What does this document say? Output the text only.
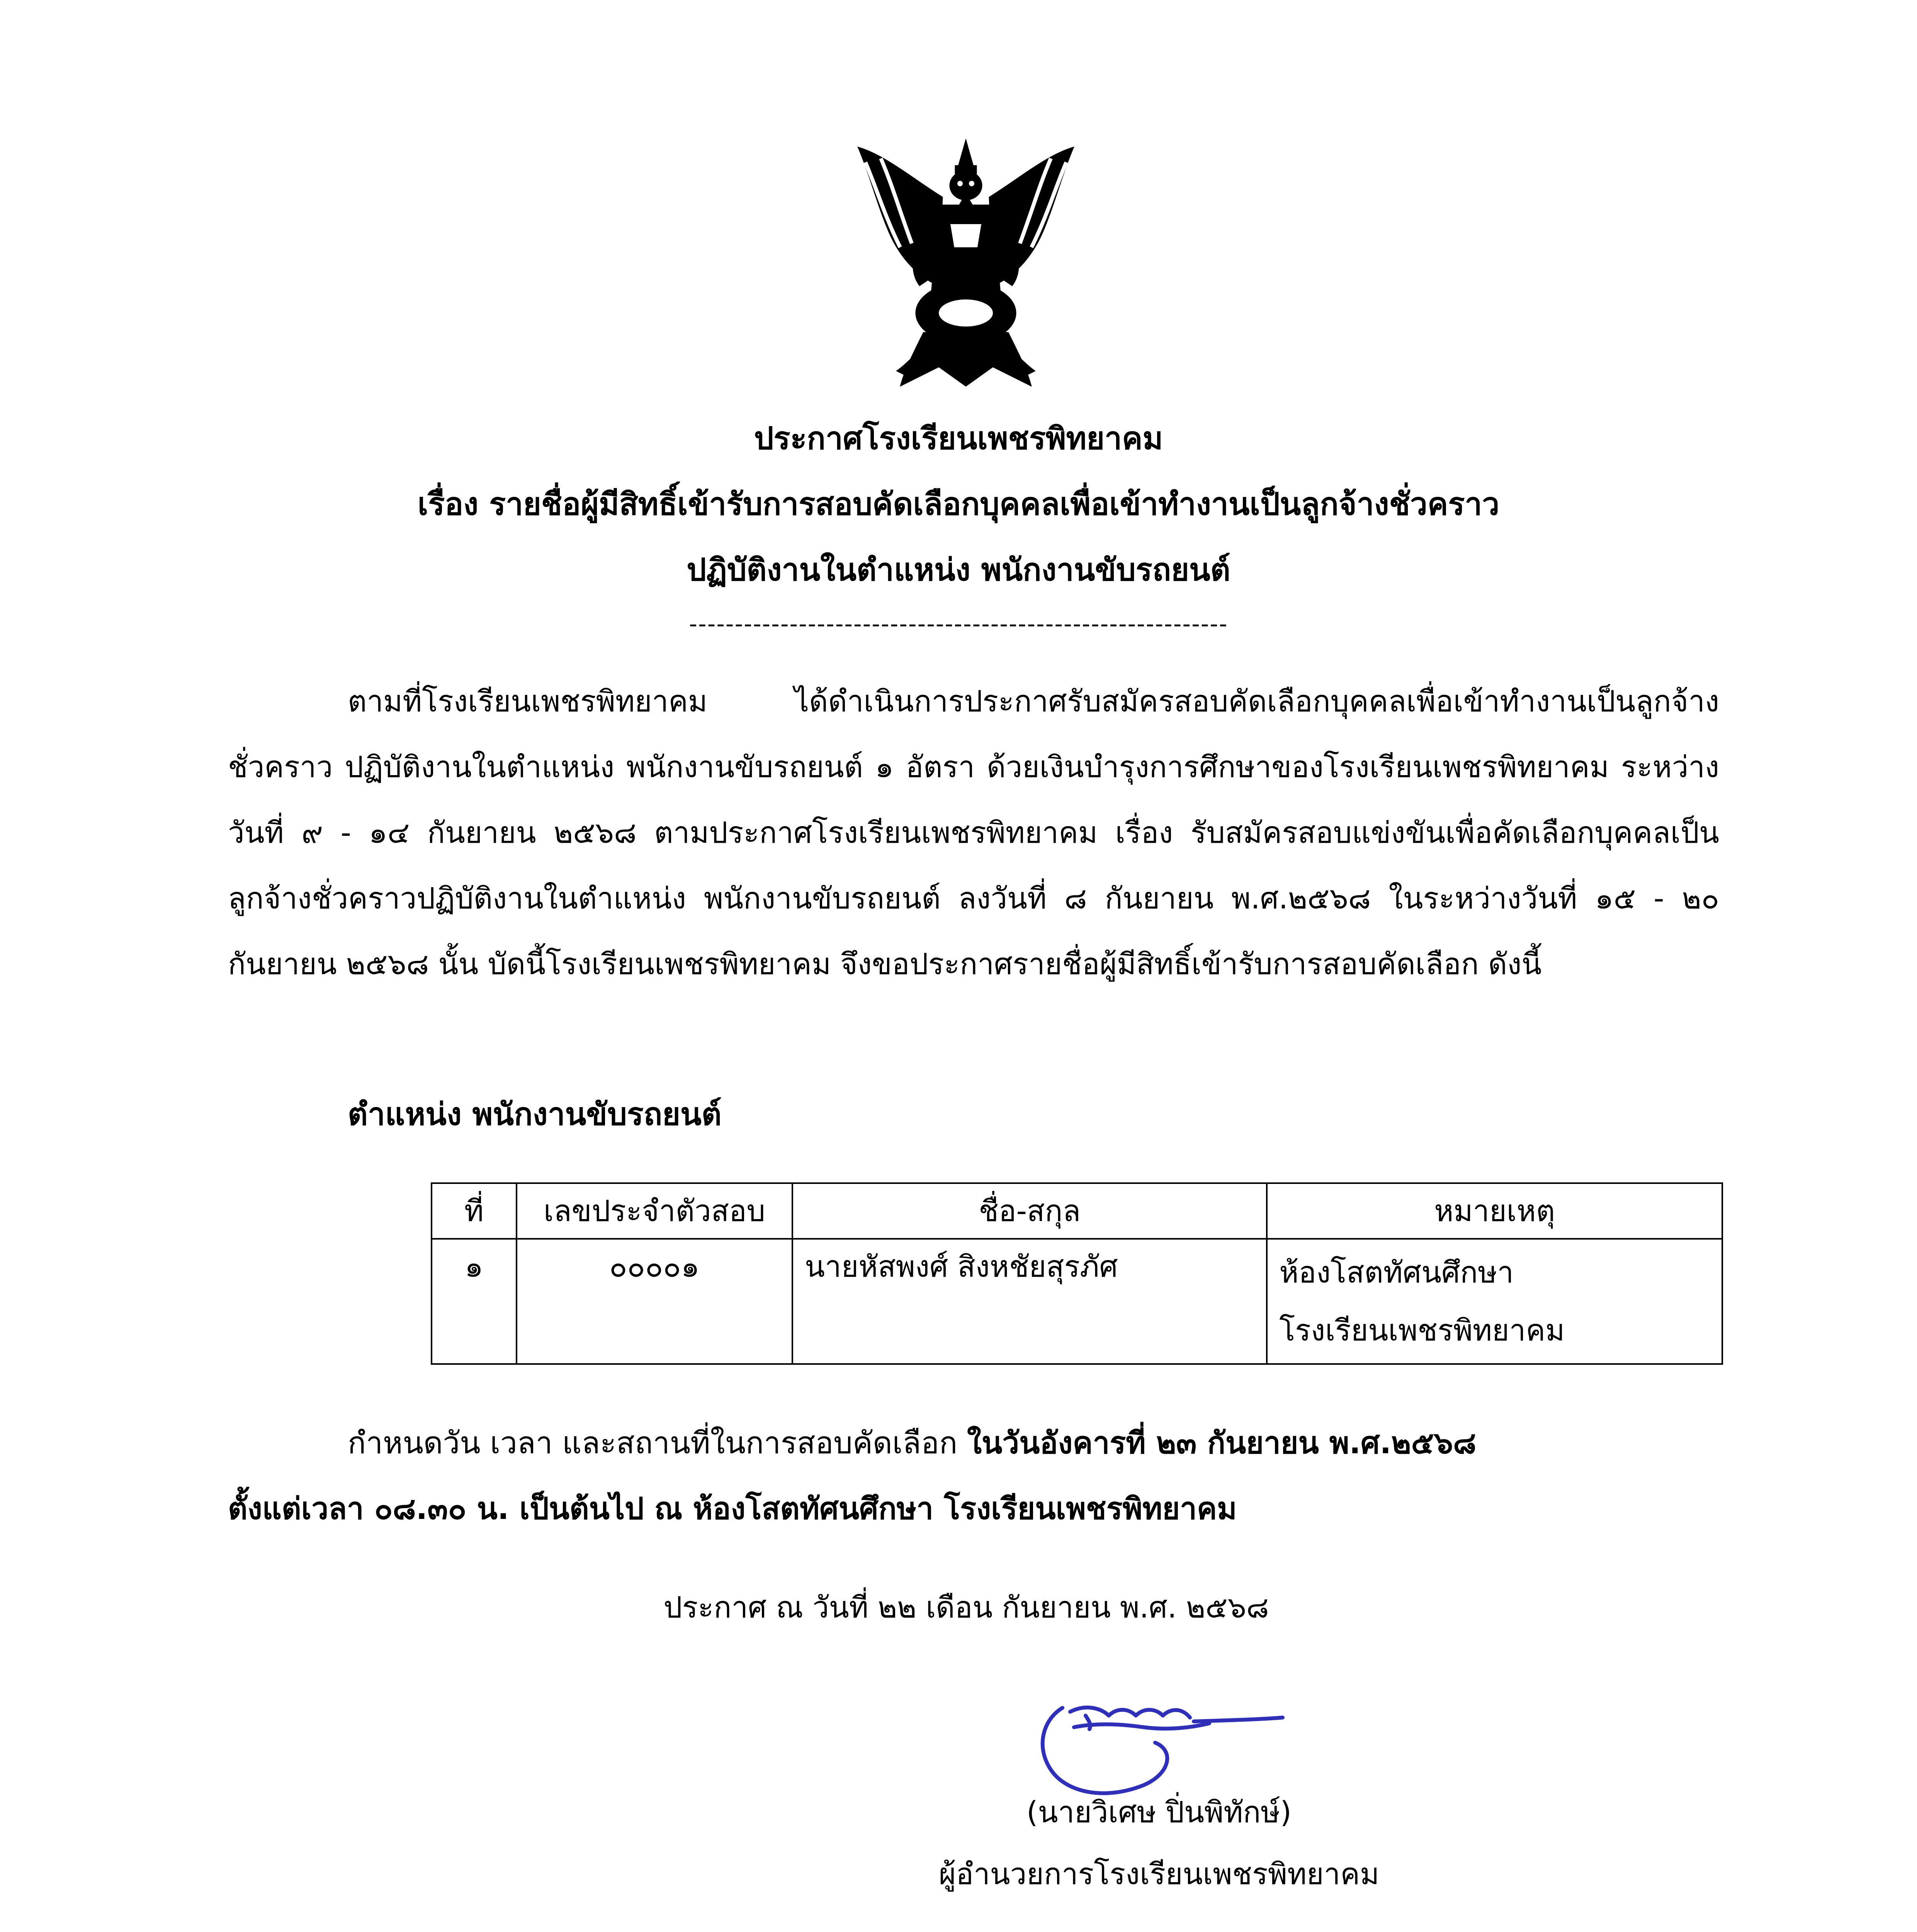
ประกาศโรงเรียนเพชรพิทยาคม
เรื่อง รายชื่อผู้มีสิทธิ์เข้ารับการสอบคัดเลือกบุคคลเพื่อเข้าทำงานเป็นลูกจ้างชั่วคราว
ปฏิบัติงานในตำแหน่ง พนักงานขับรถยนต์
-----------------------------------------------------------

ตามที่โรงเรียนเพชรพิทยาคม ได้ดำเนินการประกาศรับสมัครสอบคัดเลือกบุคคลเพื่อเข้าทำงานเป็นลูกจ้างชั่วคราว ปฏิบัติงานในตำแหน่ง พนักงานขับรถยนต์ ๑ อัตรา ด้วยเงินบำรุงการศึกษาของโรงเรียนเพชรพิทยาคม ระหว่างวันที่ ๙ - ๑๔ กันยายน ๒๕๖๘ ตามประกาศโรงเรียนเพชรพิทยาคม เรื่อง รับสมัครสอบแข่งขันเพื่อคัดเลือกบุคคลเป็นลูกจ้างชั่วคราวปฏิบัติงานในตำแหน่ง พนักงานขับรถยนต์ ลงวันที่ ๘ กันยายน พ.ศ.๒๕๖๘ ในระหว่างวันที่ ๑๕ - ๒๐ กันยายน ๒๕๖๘ นั้น บัดนี้โรงเรียนเพชรพิทยาคม จึงขอประกาศรายชื่อผู้มีสิทธิ์เข้ารับการสอบคัดเลือก ดังนี้

ตำแหน่ง พนักงานขับรถยนต์
ที่	เลขประจำตัวสอบ	ชื่อ-สกุล	หมายเหตุ
๑	๐๐๐๐๑	นายหัสพงศ์ สิงหชัยสุรภัศ	ห้องโสตทัศนศึกษา
โรงเรียนเพชรพิทยาคม
กำหนดวัน เวลา และสถานที่ในการสอบคัดเลือก ในวันอังคารที่ ๒๓ กันยายน พ.ศ.๒๕๖๘
ตั้งแต่เวลา ๐๘.๓๐ น. เป็นต้นไป ณ ห้องโสตทัศนศึกษา โรงเรียนเพชรพิทยาคม
ประกาศ ณ วันที่ ๒๒ เดือน กันยายน พ.ศ. ๒๕๖๘
(นายวิเศษ ปิ่นพิทักษ์)
ผู้อำนวยการโรงเรียนเพชรพิทยาคม
